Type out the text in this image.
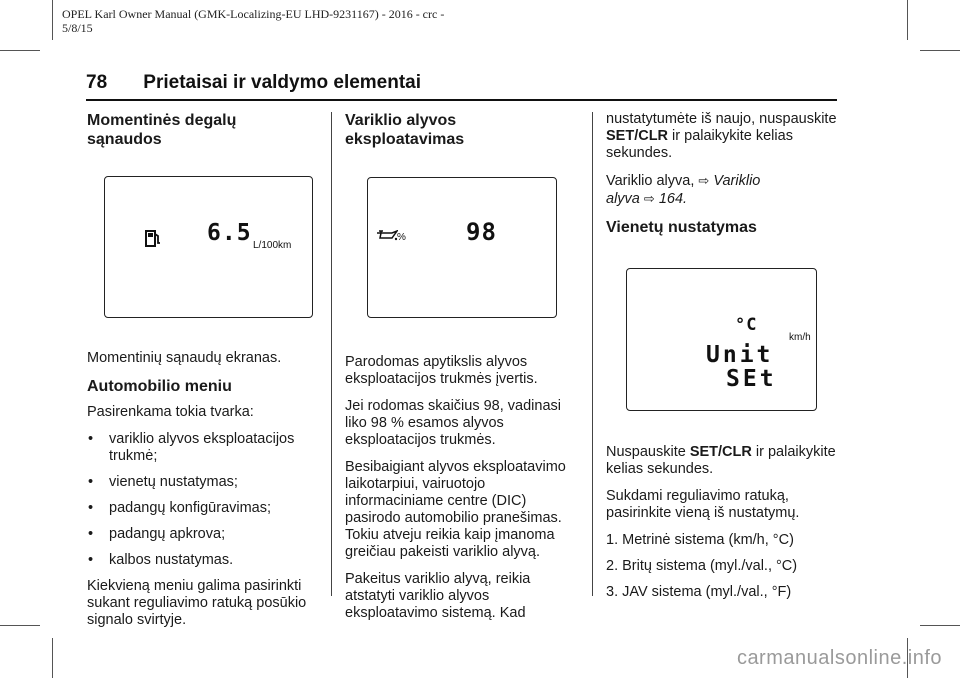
OPEL Karl Owner Manual (GMK-Localizing-EU LHD-9231167) - 2016 - crc -
5/8/15
78 Prietaisai ir valdymo elementai
Momentinės degalų sąnaudos
6.5 L/100km

Momentinių sąnaudų ekranas.

Automobilio meniu

Pasirenkama tokia tvarka:

• variklio alyvos eksploatacijos trukmė;
• vienetų nustatymas;
• padangų konfigūravimas;
• padangų apkrova;
• kalbos nustatymas.

Kiekvieną meniu galima pasirinkti sukant reguliavimo ratuką posūkio signalo svirtyje.

Variklio alyvos eksploatavimas
%	98

Parodomas apytikslis alyvos eksploatacijos trukmės įvertis.

Jei rodomas skaičius 98, vadinasi liko 98 % esamos alyvos eksploatacijos trukmės.

Besibaigiant alyvos eksploatavimo laikotarpiui, vairuotojo informaciniame centre (DIC) pasirodo automobilio pranešimas. Tokiu atveju reikia kaip įmanoma greičiau pakeisti variklio alyvą.

Pakeitus variklio alyvą, reikia atstatyti variklio alyvos eksploatavimo sistemą. Kad

nustatytumėte iš naujo, nuspauskite SET/CLR ir palaikykite kelias sekundes.

Variklio alyva, ⇨ Variklio
alyva ⇨ 164.

Vienetų nustatymas
°C
km/h
Unit
SEt

Nuspauskite SET/CLR ir palaikykite kelias sekundes.

Sukdami reguliavimo ratuką, pasirinkite vieną iš nustatymų.

1. Metrinė sistema (km/h, °C)
2. Britų sistema (myl./val., °C)
3. JAV sistema (myl./val., °F)
carmanualsonline.info
